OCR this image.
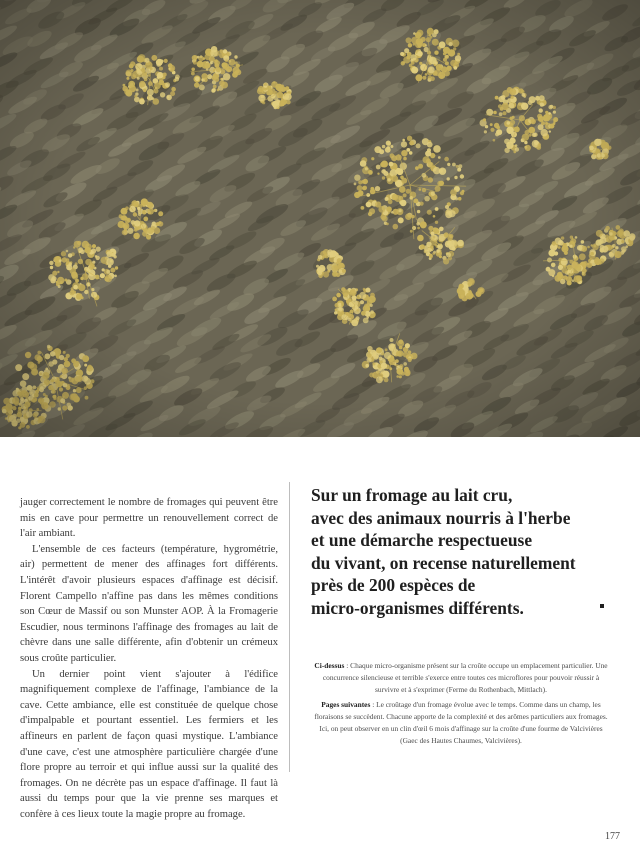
jauger correctement le nombre de fromages qui peuvent être mis en cave pour permettre un renouvellement correct de l'air ambiant.

L'ensemble de ces facteurs (température, hygrométrie, air) permettent de mener des affinages fort différents. L'intérêt d'avoir plusieurs espaces d'affinage est décisif. Florent Campello n'affine pas dans les mêmes conditions son Cœur de Massif ou son Munster AOP. À la Fromagerie Escudier, nous terminons l'affinage des fromages au lait de chèvre dans une salle différente, afin d'obtenir un crémeux sous croûte particulier.

Un dernier point vient s'ajouter à l'édifice magnifiquement complexe de l'affinage, l'ambiance de la cave. Cette ambiance, elle est constituée de quelque chose d'impalpable et pourtant essentiel. Les fermiers et les affineurs en parlent de façon quasi mystique. L'ambiance d'une cave, c'est une atmosphère particulière chargée d'une flore propre au terroir et qui influe aussi sur la qualité des fromages. On ne décrète pas un espace d'affinage. Il faut là aussi du temps pour que la vie prenne ses marques et confère à ces lieux toute la magie propre au fromage.

Sur un fromage au lait cru,
avec des animaux nourris à l'herbe
et une démarche respectueuse
du vivant, on recense naturellement
près de 200 espèces de
micro-organismes différents.

Ci-dessus : Chaque micro-organisme présent sur la croûte occupe un emplacement particulier. Une concurrence silencieuse et terrible s'exerce entre toutes ces microflores pour pouvoir réussir à survivre et à s'exprimer (Ferme du Rothenbach, Mittlach).

Pages suivantes : Le croûtage d'un fromage évolue avec le temps. Comme dans un champ, les floraisons se succèdent. Chacune apporte de la complexité et des arômes particuliers aux fromages. Ici, on peut observer en un clin d'œil 6 mois d'affinage sur la croûte d'une fourme de Valcivières (Gaec des Hautes Chaumes, Valcivières).

177
